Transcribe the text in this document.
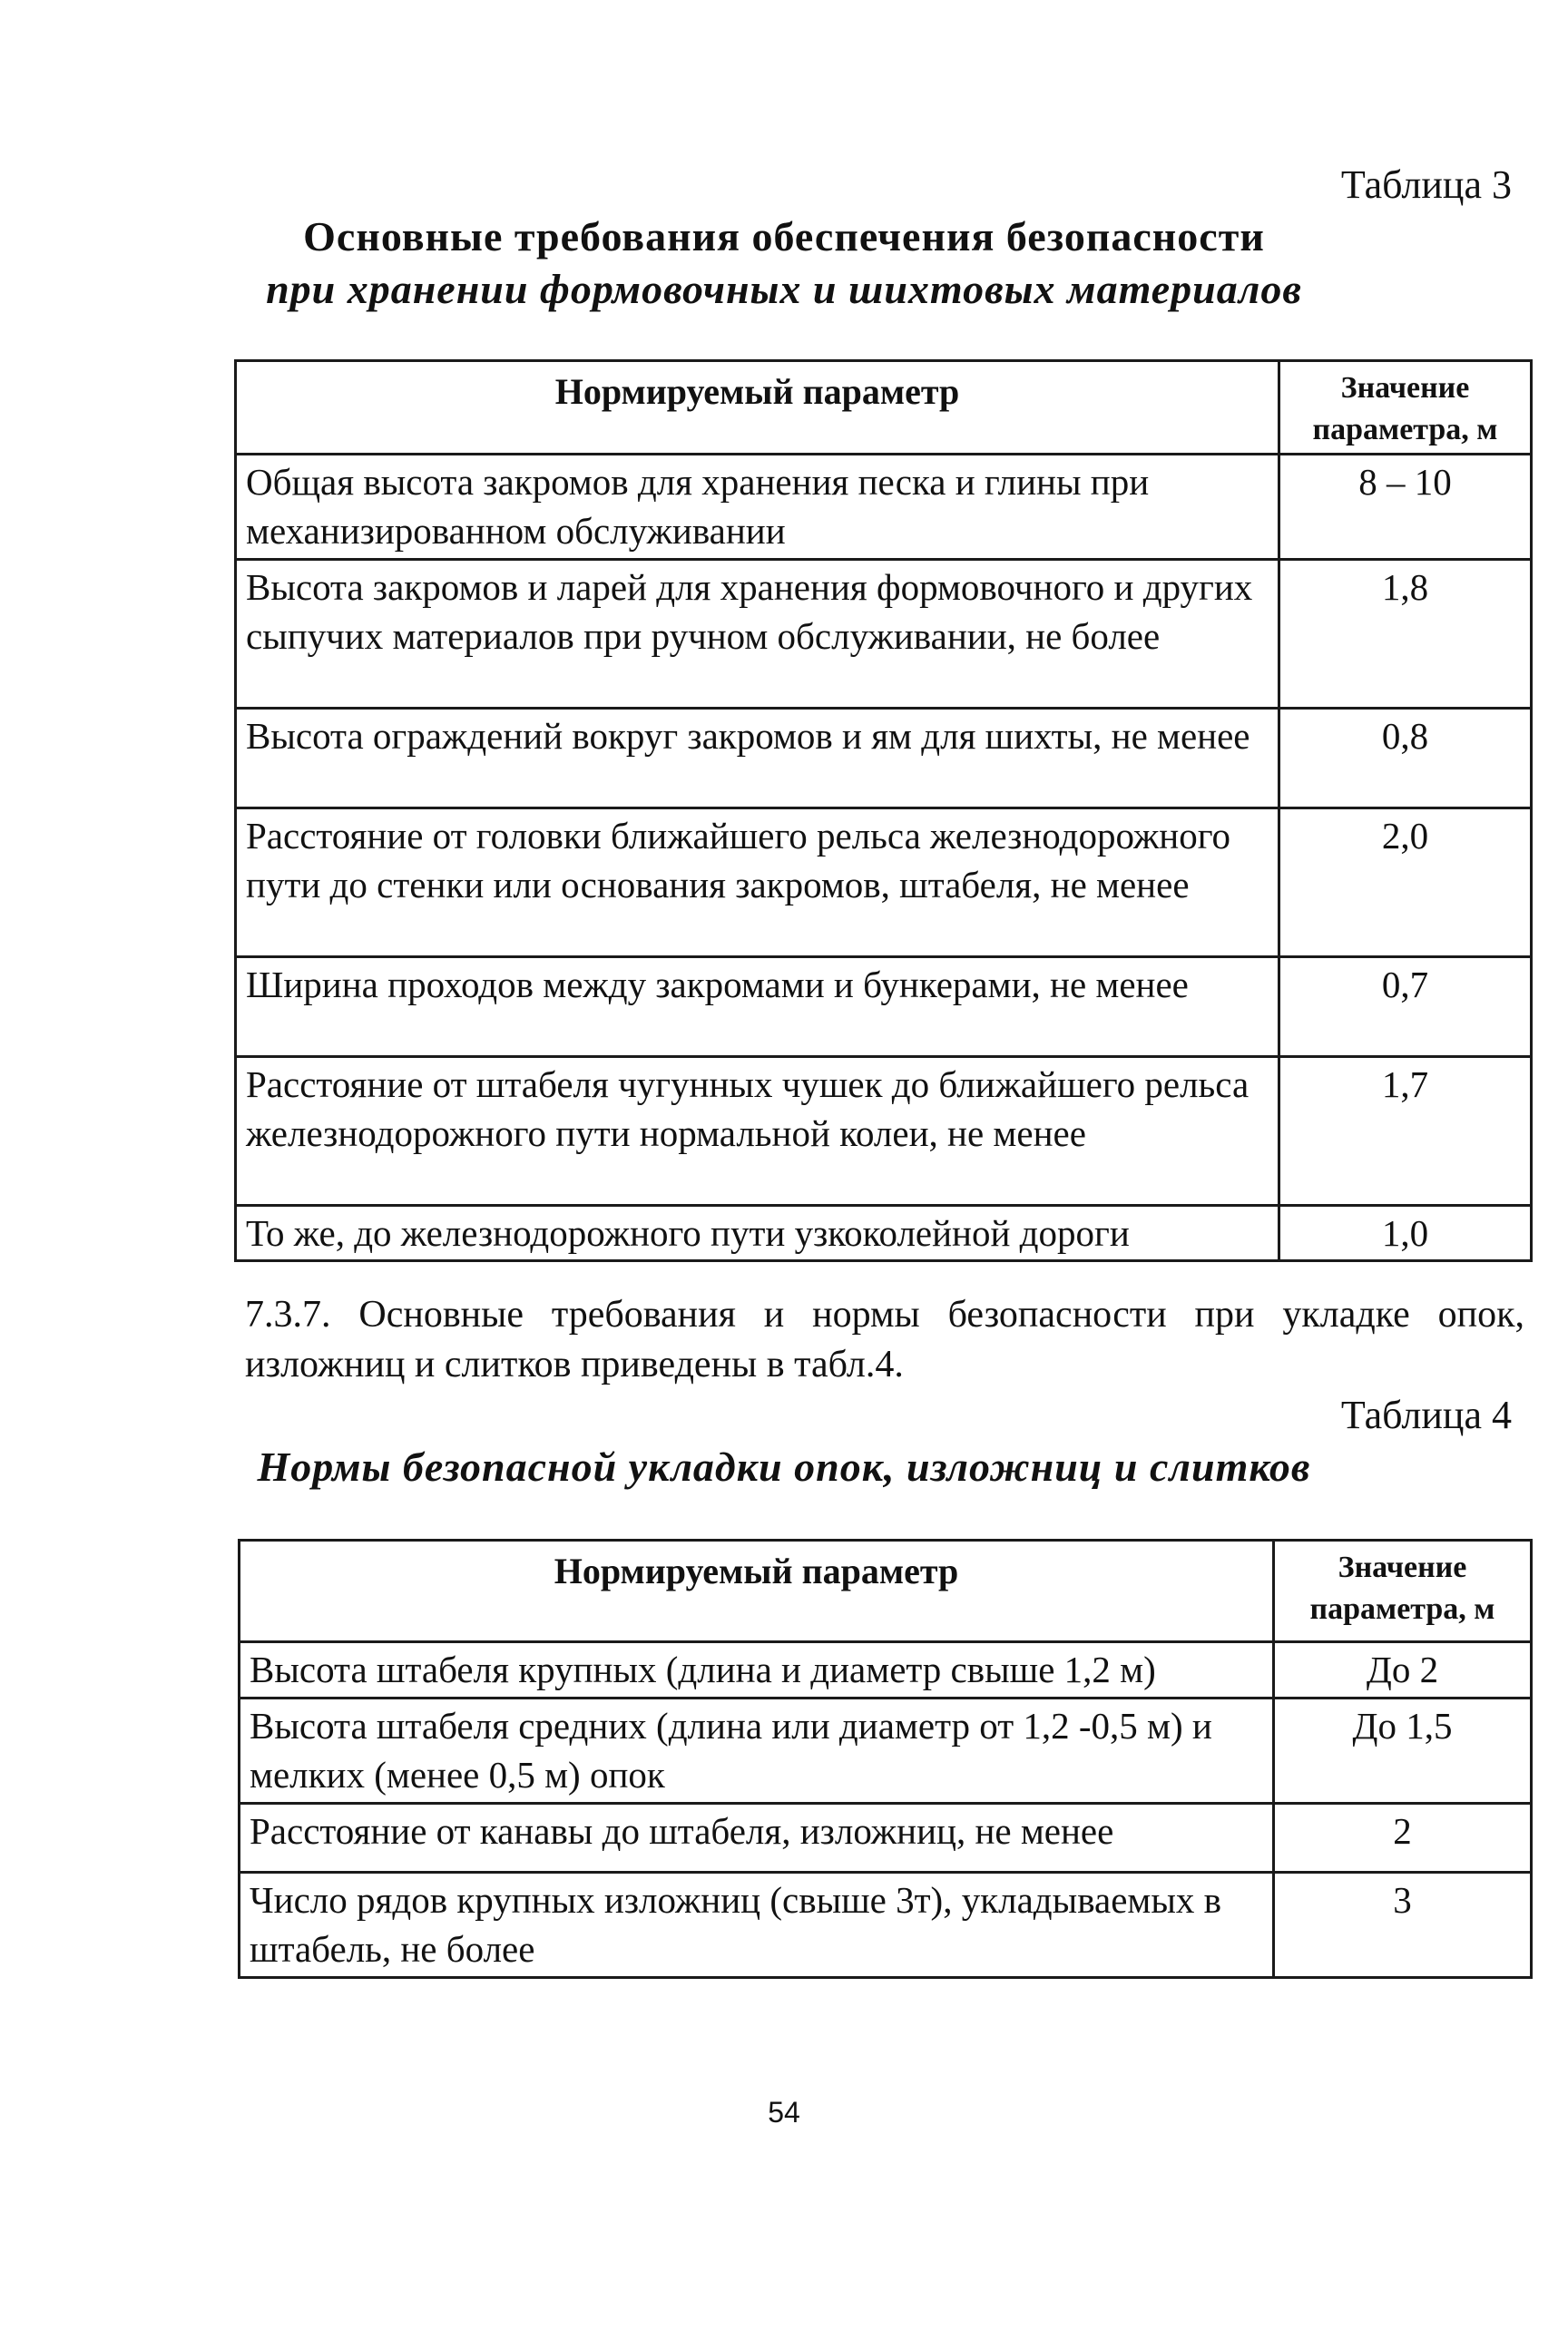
Таблица 3
Основные требования обеспечения безопасности
при хранении формовочных и шихтовых материалов
Нормируемый параметр	Значение параметра, м
Общая высота закромов для хранения песка и глины при механизированном обслуживании	8 – 10
Высота закромов и ларей для хранения формовочного и других сыпучих материалов при ручном обслуживании, не более	1,8
Высота ограждений вокруг закромов и ям для шихты, не менее	0,8
Расстояние от головки ближайшего рельса железнодорожного пути до стенки или основания закромов, штабеля, не менее	2,0
Ширина проходов между закромами и бункерами, не менее	0,7
Расстояние от штабеля чугунных чушек до ближайшего рельса железнодорожного пути нормальной колеи, не менее	1,7
То же, до железнодорожного пути узкоколейной дороги	1,0
7.3.7. Основные требования и нормы безопасности при укладке опок, изложниц и слитков приведены в табл.4.
Таблица 4
Нормы безопасной укладки опок, изложниц и слитков
Нормируемый параметр	Значение параметра, м
Высота штабеля крупных (длина и диаметр свыше 1,2 м)	До 2
Высота штабеля средних (длина или диаметр от 1,2 -0,5 м) и мелких (менее 0,5 м) опок	До 1,5
Расстояние от канавы до штабеля, изложниц, не менее	2
Число рядов крупных изложниц (свыше 3т), укладываемых в штабель, не более	3
54
